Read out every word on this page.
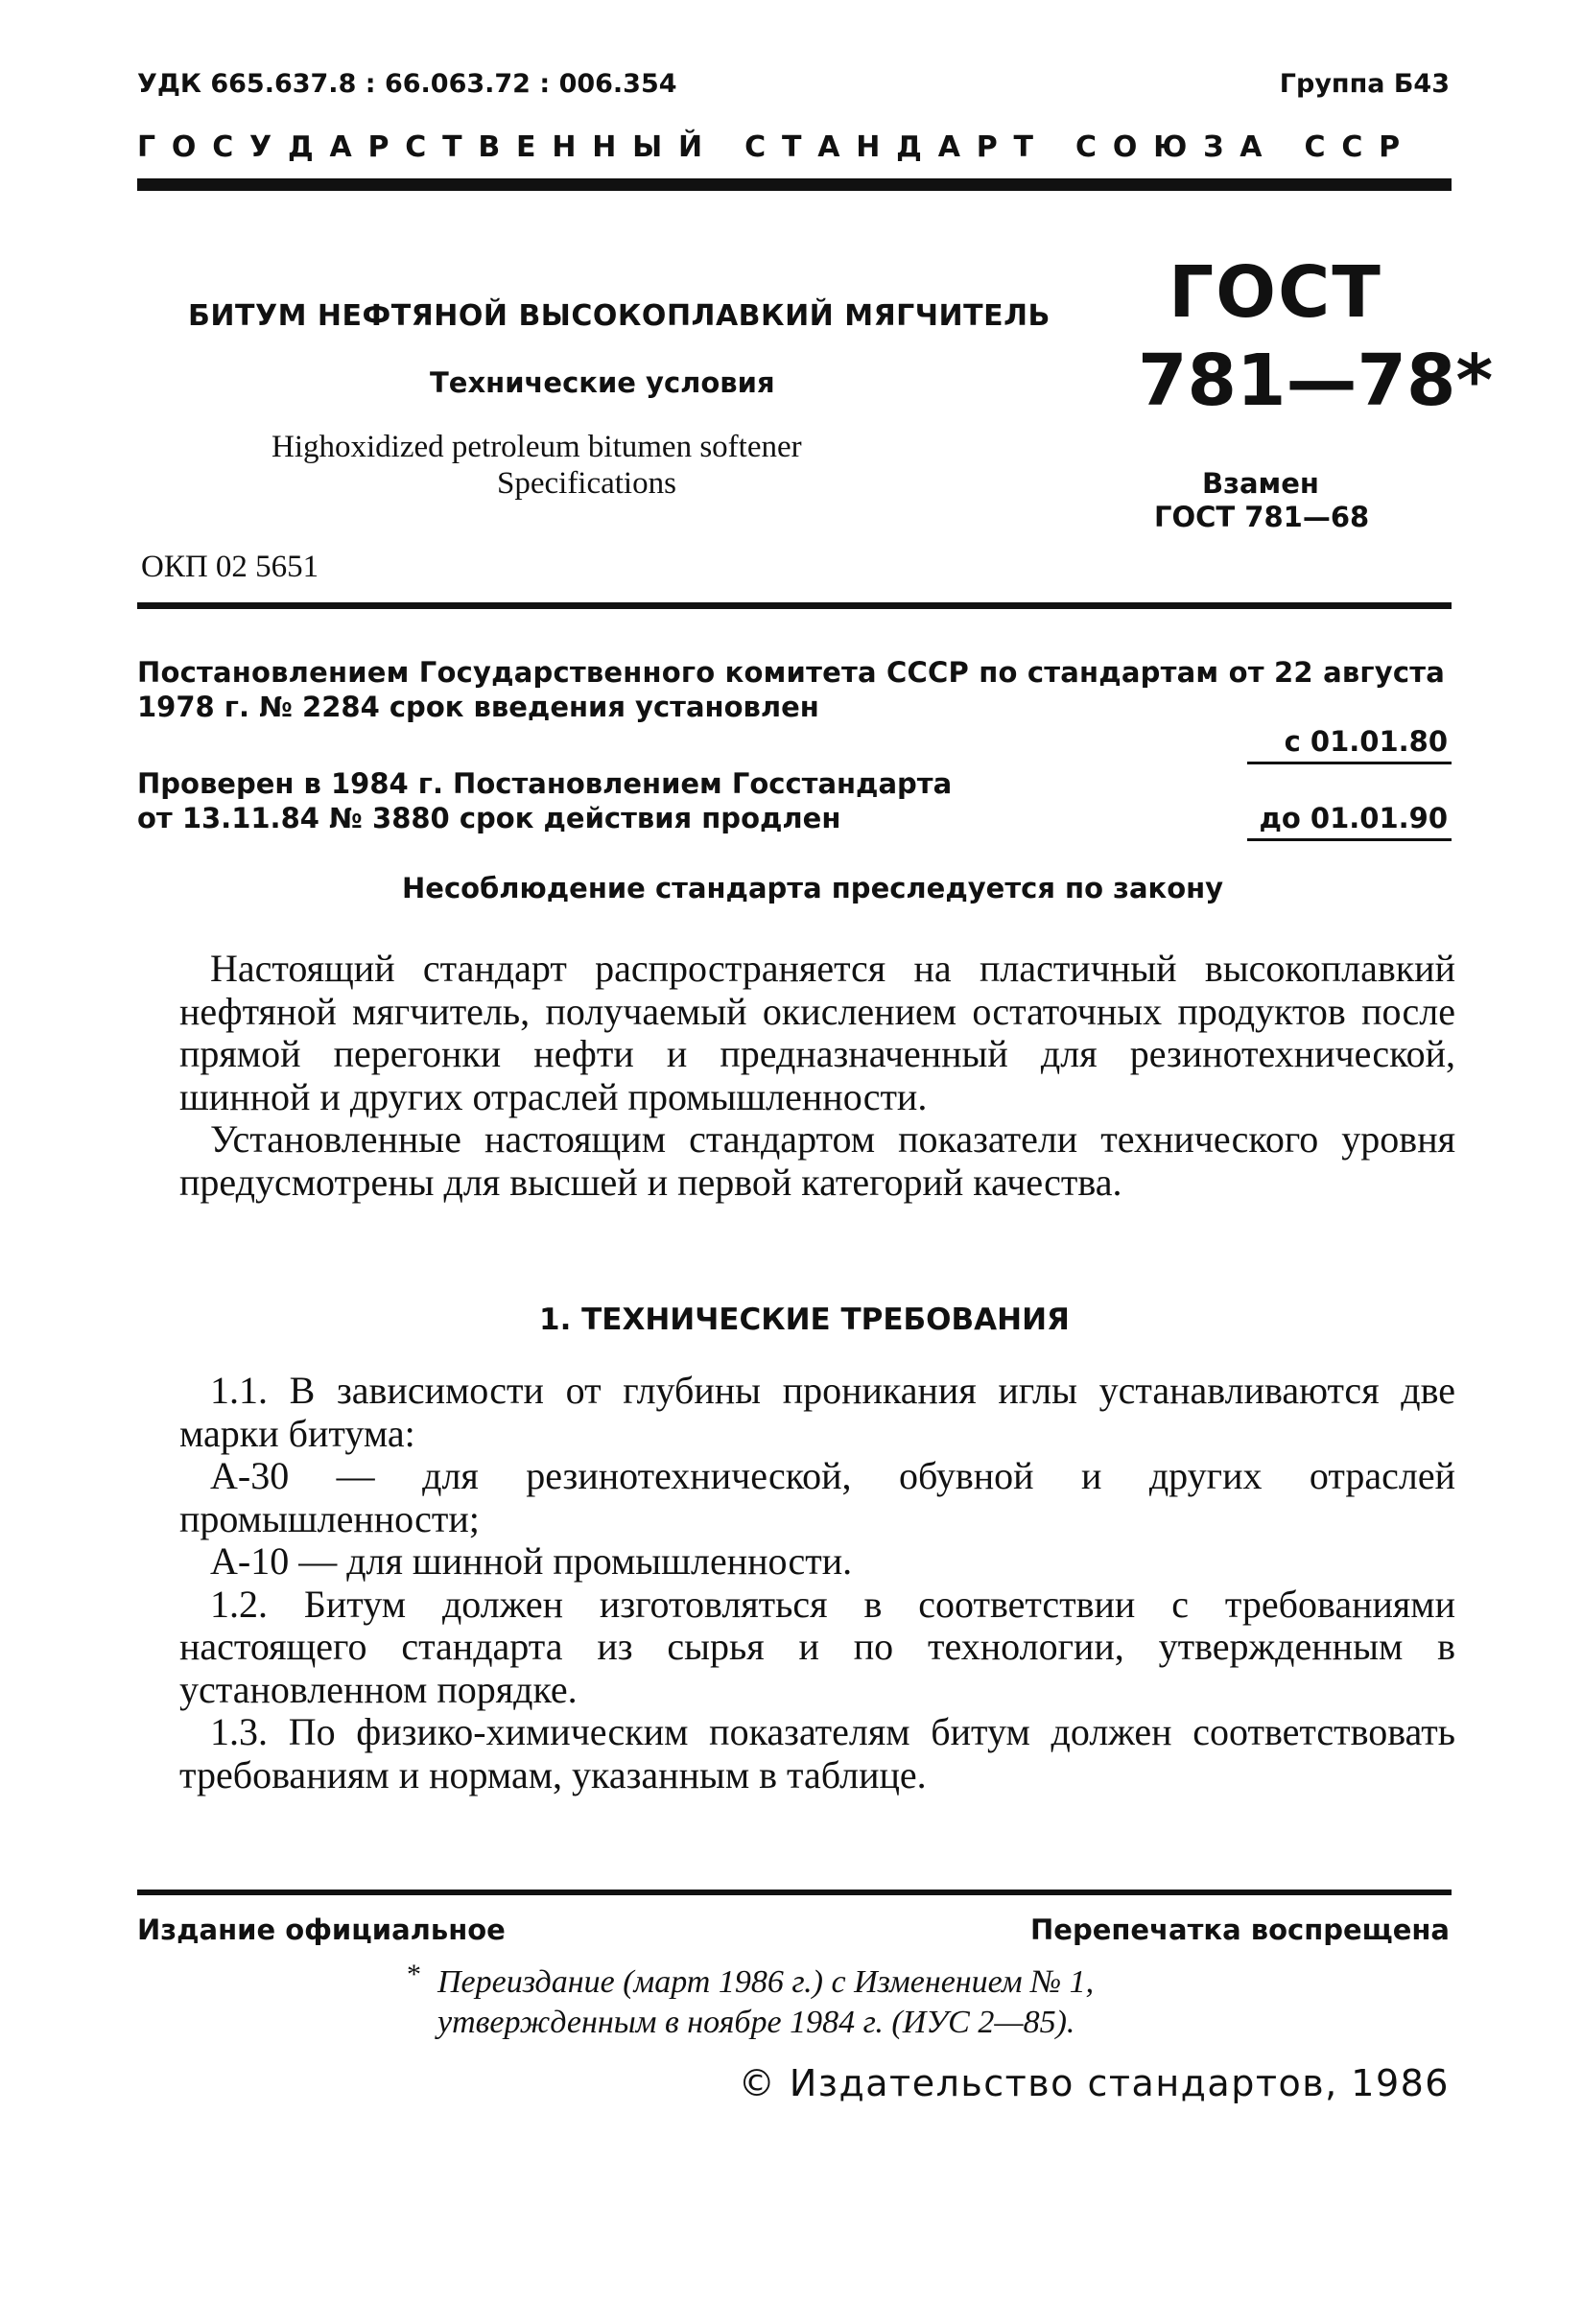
УДК 665.637.8 : 66.063.72 : 006.354	Группа Б43
ГОСУДАРСТВЕННЫЙ СТАНДАРТ СОЮЗА ССР
БИТУМ НЕФТЯНОЙ ВЫСОКОПЛАВКИЙ МЯГЧИТЕЛЬ
Технические условия
Highoxidized petroleum bitumen softener
Specifications
ОКП 02 5651
ГОСТ
781—78*
Взамен
ГОСТ 781—68
Постановлением Государственного комитета СССР по стандартам от 22 августа
1978 г. № 2284 срок введения установлен
с 01.01.80
Проверен в 1984 г. Постановлением Госстандарта
от 13.11.84 № 3880 срок действия продлен	до 01.01.90
Несоблюдение стандарта преследуется по закону

Настоящий стандарт распространяется на пластичный высокоплавкий нефтяной мягчитель, получаемый окислением остаточных продуктов после прямой перегонки нефти и предназначенный для резинотехнической, шинной и других отраслей промышленности.

Установленные настоящим стандартом показатели технического уровня предусмотрены для высшей и первой категорий качества.

1. ТЕХНИЧЕСКИЕ ТРЕБОВАНИЯ

1.1. В зависимости от глубины проникания иглы устанавливаются две марки битума:

А-30 — для резинотехнической, обувной и других отраслей промышленности;

А-10 — для шинной промышленности.

1.2. Битум должен изготовляться в соответствии с требованиями настоящего стандарта из сырья и по технологии, утвержденным в установленном порядке.

1.3. По физико-химическим показателям битум должен соответствовать требованиям и нормам, указанным в таблице.

Издание официальное	Перепечатка воспрещена
* Переиздание (март 1986 г.) с Изменением № 1,
утвержденным в ноябре 1984 г. (ИУС 2—85).
© Издательство стандартов, 1986
